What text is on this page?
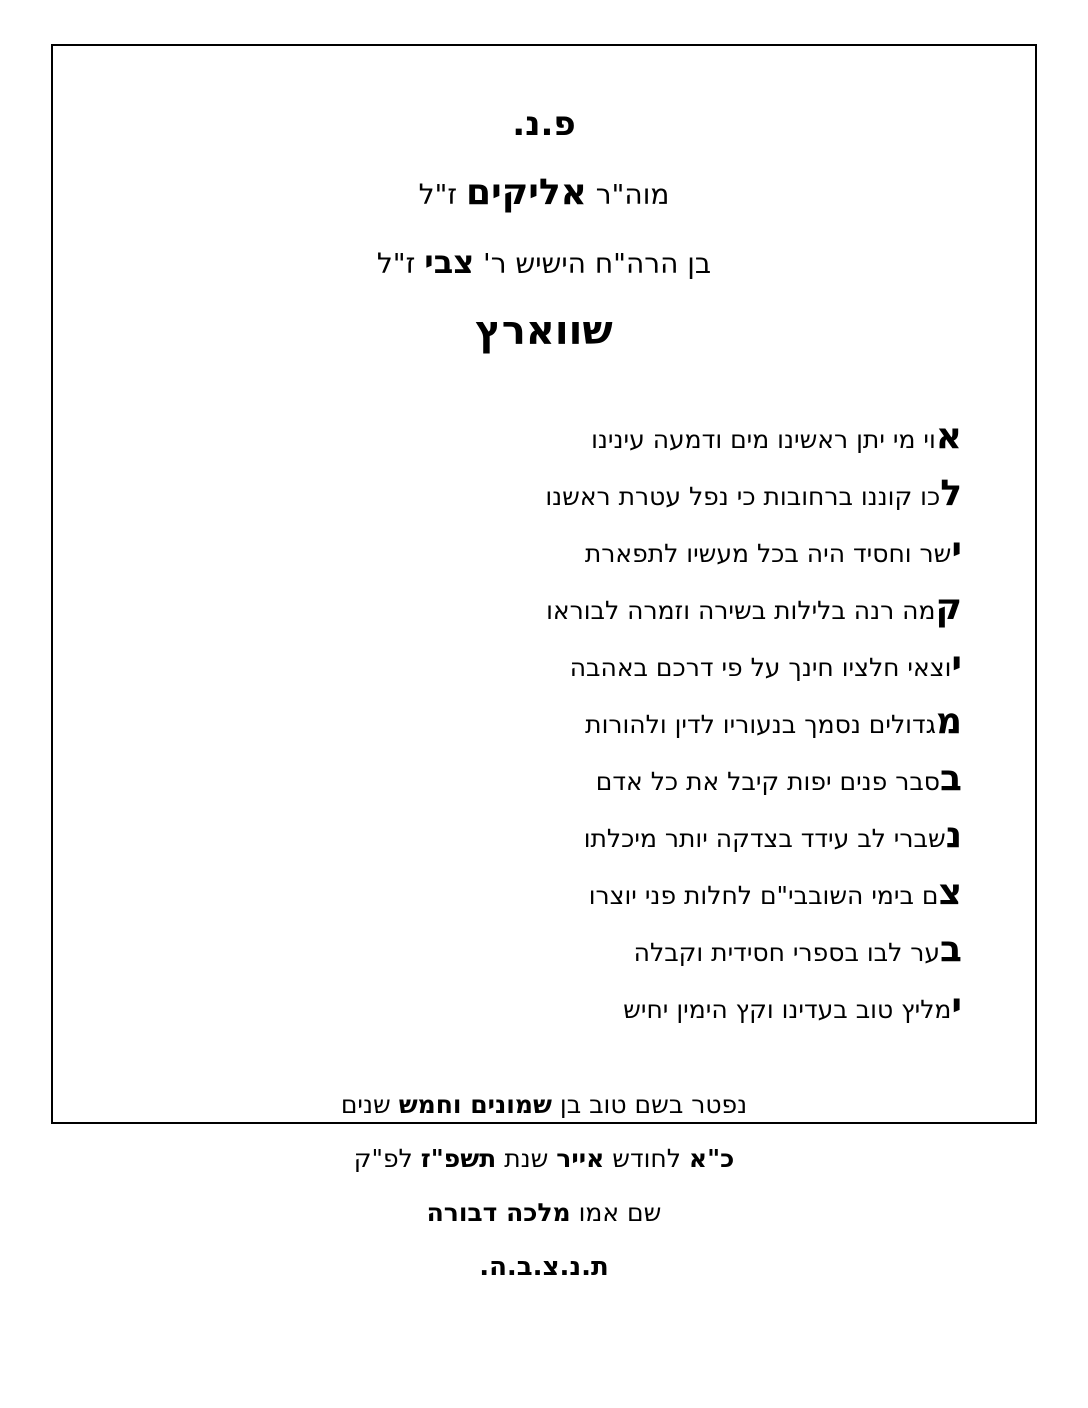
פ.נ.
מוה"ר אליקים ז"ל
בן הרה"ח הישיש ר' צבי ז"ל
שווארץ
אוי מי יתן ראשינו מים ודמעה עינינו
לכו קוננו ברחובות כי נפל עטרת ראשנו
ישר וחסיד היה בכל מעשיו לתפארת
קמה רנה בלילות בשירה וזמרה לבוראו
יוצאי חלציו חינך על פי דרכם באהבה
מגדולים נסמך בנעוריו לדין ולהורות
בסבר פנים יפות קיבל את כל אדם
נשברי לב עידד בצדקה יותר מיכלתו
צם בימי השובבי"ם לחלות פני יוצרו
בער לבו בספרי חסידית וקבלה
ימליץ טוב בעדינו וקץ הימין יחיש
נפטר בשם טוב בן שמונים וחמש שנים
כ"א לחודש אייר שנת תשפ"ז לפ"ק
שם אמו מלכה דבורה
ת.נ.צ.ב.ה.
